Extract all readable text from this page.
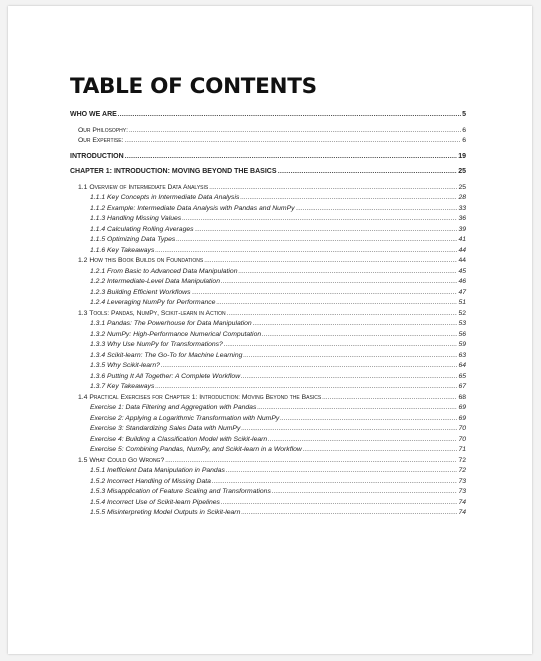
TABLE OF CONTENTS
WHO WE ARE .....	5
Our Philosophy: .....	6
Our Expertise: .....	6
INTRODUCTION .....	19
CHAPTER 1: INTRODUCTION: MOVING BEYOND THE BASICS .....	25
1.1 Overview of Intermediate Data Analysis .....	25
1.1.1 Key Concepts in Intermediate Data Analysis .....	28
1.1.2 Example: Intermediate Data Analysis with Pandas and NumPy .....	33
1.1.3 Handling Missing Values .....	36
1.1.4 Calculating Rolling Averages .....	39
1.1.5 Optimizing Data Types .....	41
1.1.6 Key Takeaways .....	44
1.2 How this Book Builds on Foundations .....	44
1.2.1 From Basic to Advanced Data Manipulation .....	45
1.2.2 Intermediate-Level Data Manipulation .....	46
1.2.3 Building Efficient Workflows .....	47
1.2.4 Leveraging NumPy for Performance .....	51
1.3 Tools: Pandas, NumPy, Scikit-learn in Action .....	52
1.3.1 Pandas: The Powerhouse for Data Manipulation .....	53
1.3.2 NumPy: High-Performance Numerical Computation .....	56
1.3.3 Why Use NumPy for Transformations? .....	59
1.3.4 Scikit-learn: The Go-To for Machine Learning .....	63
1.3.5 Why Scikit-learn? .....	64
1.3.6 Putting It All Together: A Complete Workflow .....	65
1.3.7 Key Takeaways .....	67
1.4 Practical Exercises for Chapter 1: Introduction: Moving Beyond the Basics .....	68
Exercise 1: Data Filtering and Aggregation with Pandas .....	69
Exercise 2: Applying a Logarithmic Transformation with NumPy .....	69
Exercise 3: Standardizing Sales Data with NumPy .....	70
Exercise 4: Building a Classification Model with Scikit-learn .....	70
Exercise 5: Combining Pandas, NumPy, and Scikit-learn in a Workflow .....	71
1.5 What Could Go Wrong? .....	72
1.5.1 Inefficient Data Manipulation in Pandas .....	72
1.5.2 Incorrect Handling of Missing Data .....	73
1.5.3 Misapplication of Feature Scaling and Transformations .....	73
1.5.4 Incorrect Use of Scikit-learn Pipelines .....	74
1.5.5 Misinterpreting Model Outputs in Scikit-learn .....	74
